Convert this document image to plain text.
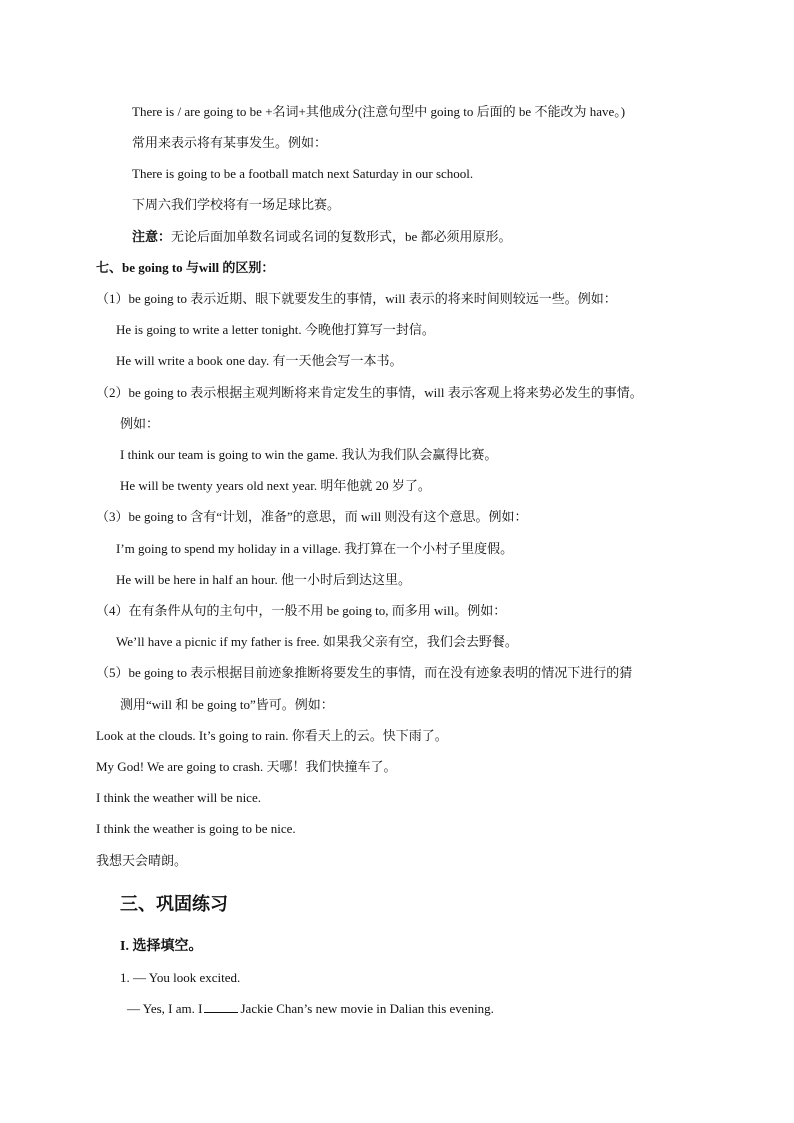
There is / are going to be +名词+其他成分(注意句型中 going to 后面的 be 不能改为 have。)
常用来表示将有某事发生。例如：
There is going to be a football match next Saturday in our school.
下周六我们学校将有一场足球比赛。
注意：无论后面加单数名词或名词的复数形式，be 都必须用原形。
七、be going to 与will 的区别：
（1）be going to 表示近期、眼下就要发生的事情，will 表示的将来时间则较远一些。例如：
He is going to write a letter tonight. 今晚他打算写一封信。
He will write a book one day. 有一天他会写一本书。
（2）be going to 表示根据主观判断将来肯定发生的事情，will 表示客观上将来势必发生的事情。
例如：
I think our team is going to win the game. 我认为我们队会赢得比赛。
He will be twenty years old next year. 明年他就 20 岁了。
（3）be going to 含有“计划，准备”的意思，而 will 则没有这个意思。例如：
I’m going to spend my holiday in a village. 我打算在一个小村子里度假。
He will be here in half an hour. 他一小时后到达这里。
（4）在有条件从句的主句中，一般不用 be going to, 而多用 will。例如：
We’ll have a picnic if my father is free. 如果我父亲有空，我们会去野餐。
（5）be going to 表示根据目前迹象推断将要发生的事情，而在没有迹象表明的情况下进行的猜
测用“will 和 be going to”皆可。例如：
Look at the clouds. It’s going to rain. 你看天上的云。快下雨了。
My God! We are going to crash. 天哪！我们快撞车了。
I think the weather will be nice.
I think the weather is going to be nice.
我想天会晴朗。
三、巩固练习
I. 选择填空。
1. — You look excited.
— Yes, I am. I	Jackie Chan’s new movie in Dalian this evening.
